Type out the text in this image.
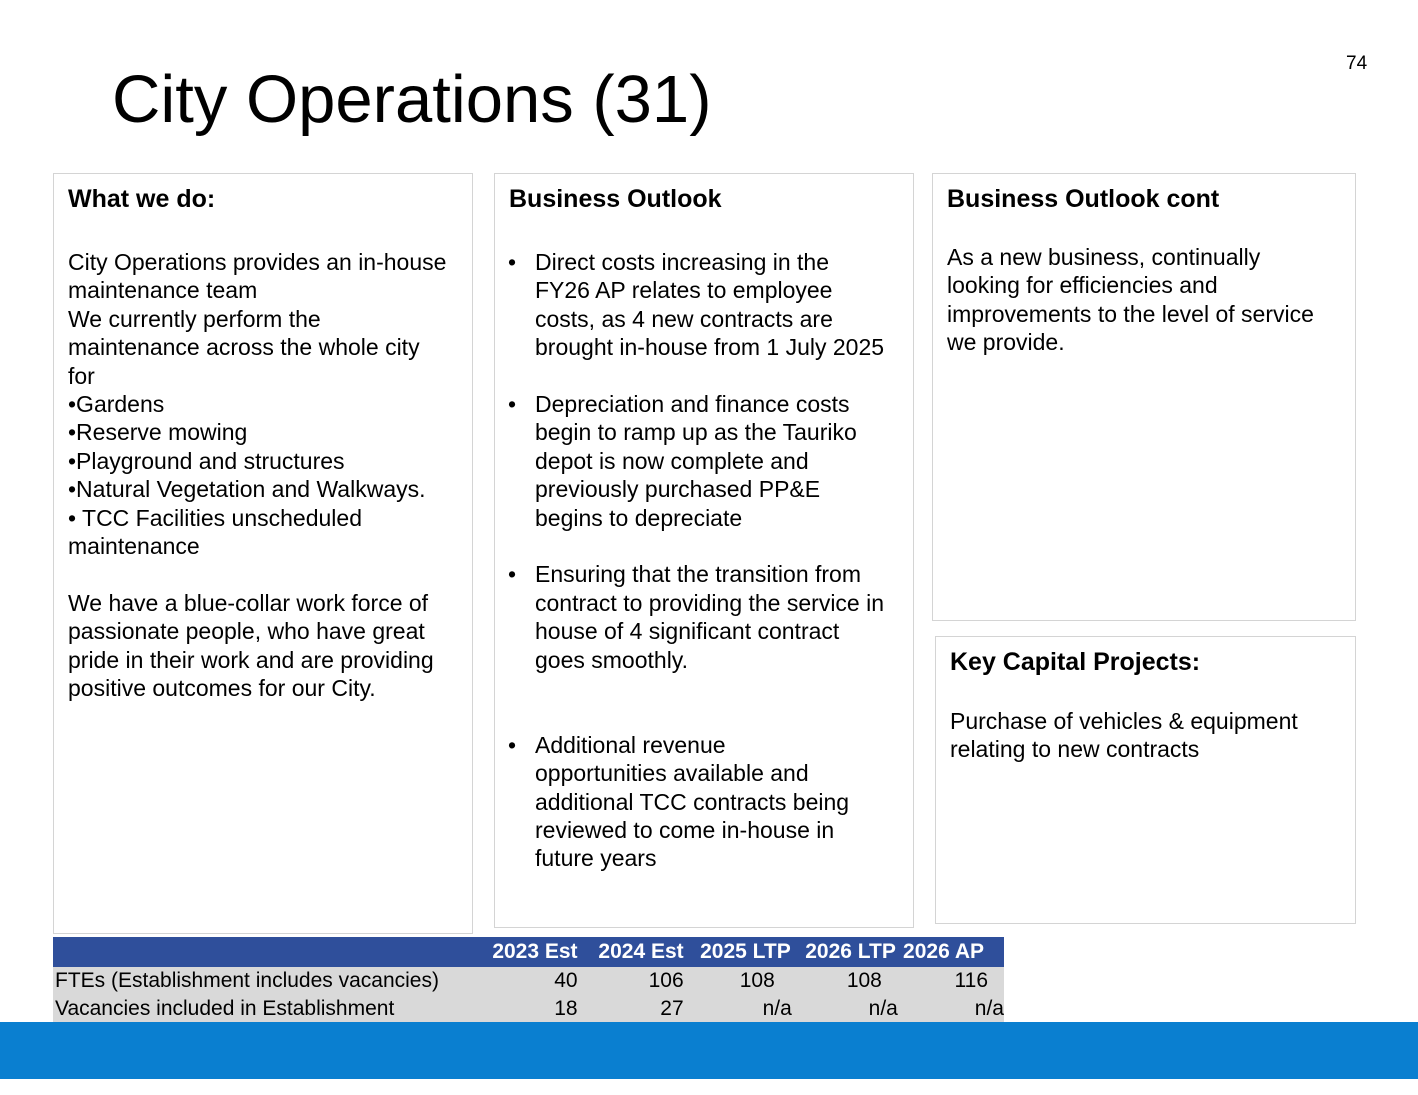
74
City Operations (31)
What we do:
City Operations provides an in-house
maintenance team
We currently perform the
maintenance across the whole city
for
•Gardens
•Reserve mowing
•Playground and structures
•Natural Vegetation and Walkways.
• TCC Facilities unscheduled
maintenance
We have a blue-collar work force of
passionate people, who have great
pride in their work and are providing
positive outcomes for our City.
Business Outlook
• Direct costs increasing in the
FY26 AP relates to employee
costs, as 4 new contracts are
brought in-house from 1 July 2025
• Depreciation and finance costs
begin to ramp up as the Tauriko
depot is now complete and
previously purchased PP&E
begins to depreciate
• Ensuring that the transition from
contract to providing the service in
house of 4 significant contract
goes smoothly.
• Additional revenue
opportunities available and
additional TCC contracts being
reviewed to come in-house in
future years
Business Outlook cont
As a new business, continually
looking for efficiencies and
improvements to the level of service
we provide.
Key Capital Projects:
Purchase of vehicles & equipment
relating to new contracts
	2023 Est	2024 Est	2025 LTP	2026 LTP	2026 AP
FTEs (Establishment includes vacancies)	40	106	108	108	116
Vacancies included in Establishment	18	27	n/a	n/a	n/a
